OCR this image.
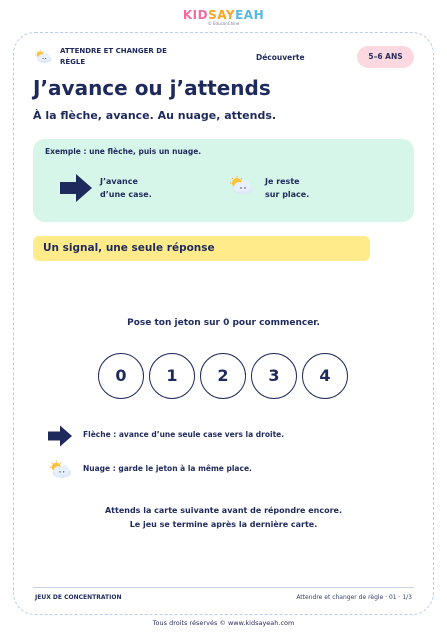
KIDSAYEAH
© EduconChine
ATTENDRE ET CHANGER DE RÈGLE	Découverte	5–6 ANS
J’avance ou j’attends
À la flèche, avance. Au nuage, attends.
Exemple : une flèche, puis un nuage.
J’avance
d’une case.
Je reste
sur place.
Un signal, une seule réponse
Pose ton jeton sur 0 pour commencer.
0	1	2	3	4
Flèche : avance d’une seule case vers la droite.
Nuage : garde le jeton à la même place.
Attends la carte suivante avant de répondre encore.
Le jeu se termine après la dernière carte.
JEUX DE CONCENTRATION	Attendre et changer de règle · 01 · 1/3
Tous droits réservés © www.kidsayeah.com
